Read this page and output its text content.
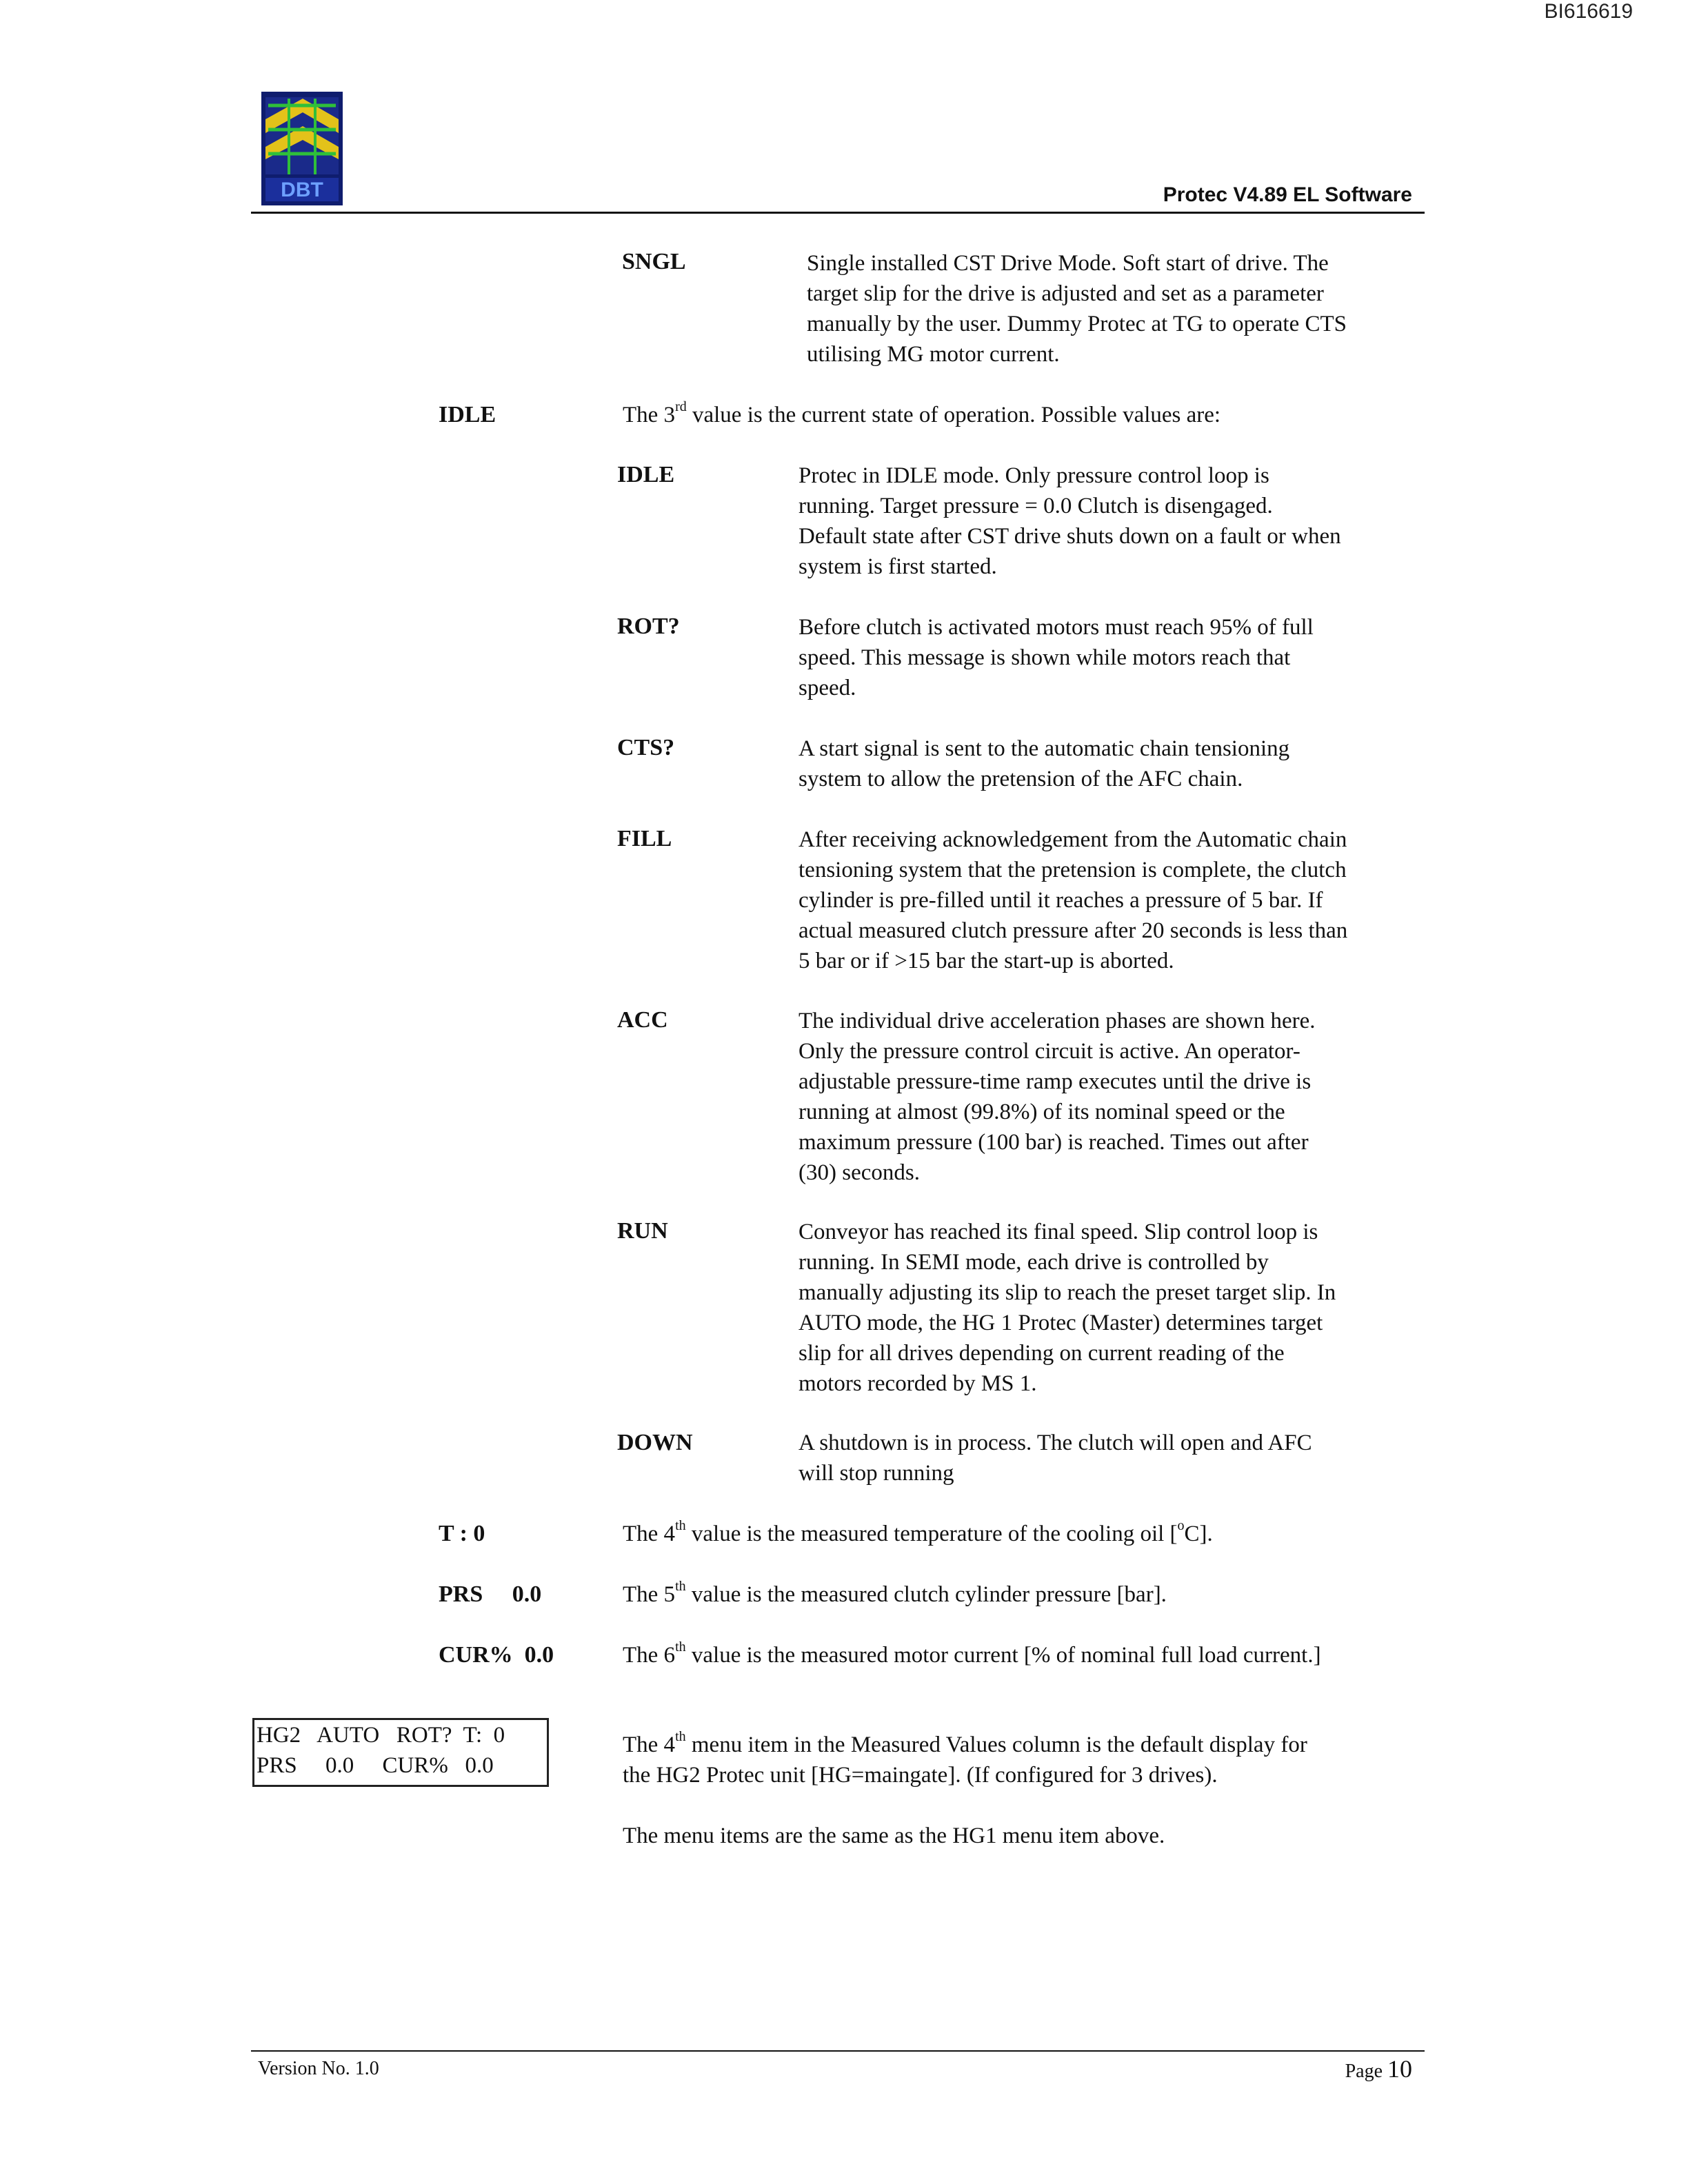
BI616619
DBT	Protec V4.89 EL Software
SNGL	Single installed CST Drive Mode. Soft start of drive. The
target slip for the drive is adjusted and set as a parameter
manually by the user. Dummy Protec at TG to operate CTS
utilising MG motor current.
IDLE	The 3rd value is the current state of operation. Possible values are:
IDLE	Protec in IDLE mode. Only pressure control loop is
running. Target pressure = 0.0 Clutch is disengaged.
Default state after CST drive shuts down on a fault or when
system is first started.
ROT?	Before clutch is activated motors must reach 95% of full
speed. This message is shown while motors reach that
speed.
CTS?	A start signal is sent to the automatic chain tensioning
system to allow the pretension of the AFC chain.
FILL	After receiving acknowledgement from the Automatic chain
tensioning system that the pretension is complete, the clutch
cylinder is pre-filled until it reaches a pressure of 5 bar. If
actual measured clutch pressure after 20 seconds is less than
5 bar or if >15 bar the start-up is aborted.
ACC	The individual drive acceleration phases are shown here.
Only the pressure control circuit is active. An operator-
adjustable pressure-time ramp executes until the drive is
running at almost (99.8%) of its nominal speed or the
maximum pressure (100 bar) is reached. Times out after
(30) seconds.
RUN	Conveyor has reached its final speed. Slip control loop is
running. In SEMI mode, each drive is controlled by
manually adjusting its slip to reach the preset target slip. In
AUTO mode, the HG 1 Protec (Master) determines target
slip for all drives depending on current reading of the
motors recorded by MS 1.
DOWN	A shutdown is in process. The clutch will open and AFC
will stop running
T : 0	The 4th value is the measured temperature of the cooling oil [$^o$C].
PRS     0.0	The 5th value is the measured clutch cylinder pressure [bar].
CUR%  0.0	The 6th value is the measured motor current [% of nominal full load current.]
HG2   AUTO   ROT?  T:  0
PRS     0.0     CUR%   0.0
The 4th menu item in the Measured Values column is the default display for
the HG2 Protec unit [HG=maingate]. (If configured for 3 drives).
The menu items are the same as the HG1 menu item above.
Version No. 1.0	Page 10
